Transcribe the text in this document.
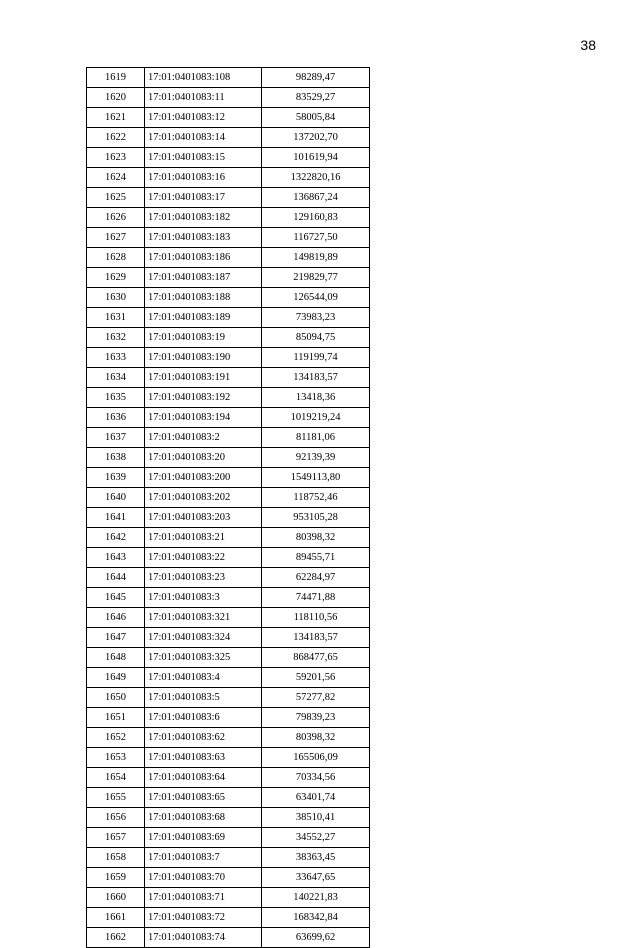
38
1619	17:01:0401083:108	98289,47
1620	17:01:0401083:11	83529,27
1621	17:01:0401083:12	58005,84
1622	17:01:0401083:14	137202,70
1623	17:01:0401083:15	101619,94
1624	17:01:0401083:16	1322820,16
1625	17:01:0401083:17	136867,24
1626	17:01:0401083:182	129160,83
1627	17:01:0401083:183	116727,50
1628	17:01:0401083:186	149819,89
1629	17:01:0401083:187	219829,77
1630	17:01:0401083:188	126544,09
1631	17:01:0401083:189	73983,23
1632	17:01:0401083:19	85094,75
1633	17:01:0401083:190	119199,74
1634	17:01:0401083:191	134183,57
1635	17:01:0401083:192	13418,36
1636	17:01:0401083:194	1019219,24
1637	17:01:0401083:2	81181,06
1638	17:01:0401083:20	92139,39
1639	17:01:0401083:200	1549113,80
1640	17:01:0401083:202	118752,46
1641	17:01:0401083:203	953105,28
1642	17:01:0401083:21	80398,32
1643	17:01:0401083:22	89455,71
1644	17:01:0401083:23	62284,97
1645	17:01:0401083:3	74471,88
1646	17:01:0401083:321	118110,56
1647	17:01:0401083:324	134183,57
1648	17:01:0401083:325	868477,65
1649	17:01:0401083:4	59201,56
1650	17:01:0401083:5	57277,82
1651	17:01:0401083:6	79839,23
1652	17:01:0401083:62	80398,32
1653	17:01:0401083:63	165506,09
1654	17:01:0401083:64	70334,56
1655	17:01:0401083:65	63401,74
1656	17:01:0401083:68	38510,41
1657	17:01:0401083:69	34552,27
1658	17:01:0401083:7	38363,45
1659	17:01:0401083:70	33647,65
1660	17:01:0401083:71	140221,83
1661	17:01:0401083:72	168342,84
1662	17:01:0401083:74	63699,62
